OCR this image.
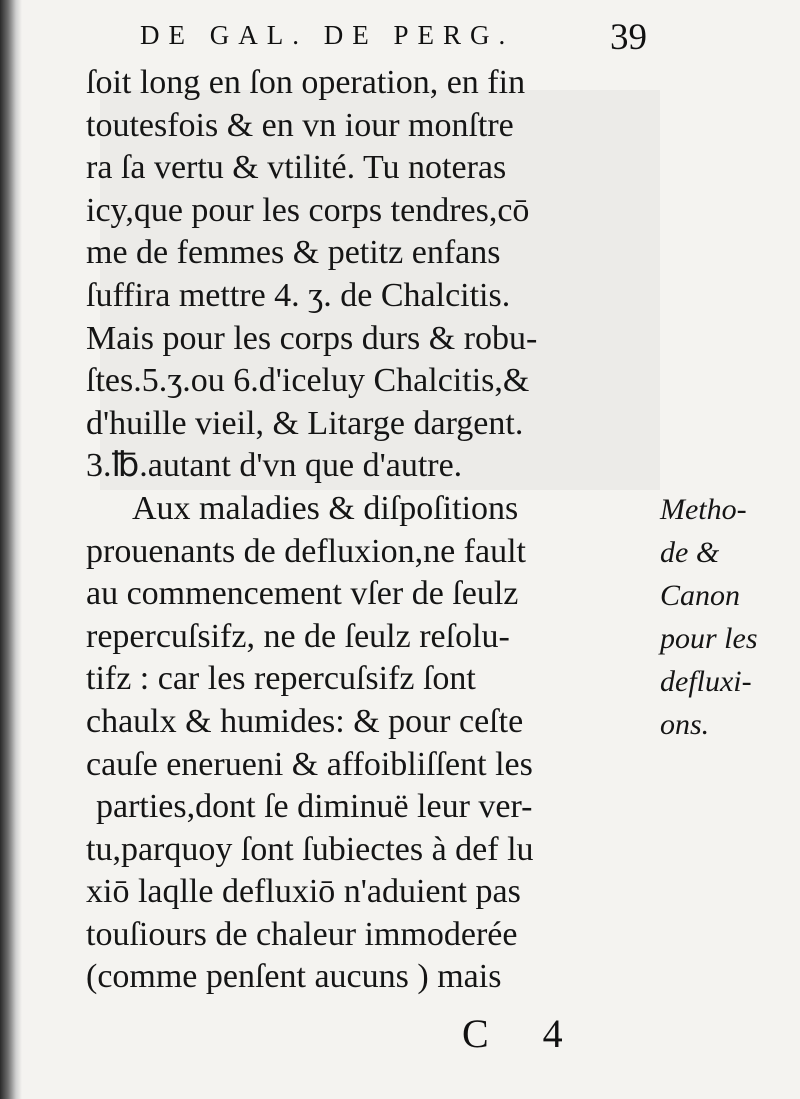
DE GAL. DE PERG.	39
ſoit long en ſon operation, en fin
toutesfois & en vn iour monſtre
ra ſa vertu & vtilité. Tu noteras
icy,que pour les corps tendres,cō
me de femmes & petitz enfans
ſuffira mettre 4. ʒ. de Chalcitis.
Mais pour les corps durs & robu-
ſtes.5.ʒ.ou 6.d'iceluy Chalcitis,&
d'huille vieil, & Litarge dargent.
3.℔.autant d'vn que d'autre.
Aux maladies & diſpoſitions
prouenants de defluxion,ne fault
au commencement vſer de ſeulz
repercuſsifz, ne de ſeulz reſolu-
tifz : car les repercuſsifz ſont
chaulx & humides: & pour ceſte
cauſe enerueni & affoibliſſent les
parties,dont ſe diminuë leur ver-
tu,parquoy ſont ſubiectes à def lu
xiō laqlle defluxiō n'aduient pas
touſiours de chaleur immoderée
(comme penſent aucuns ) mais
Metho-
de &
Canon
pour les
defluxi-
ons.
C 4
